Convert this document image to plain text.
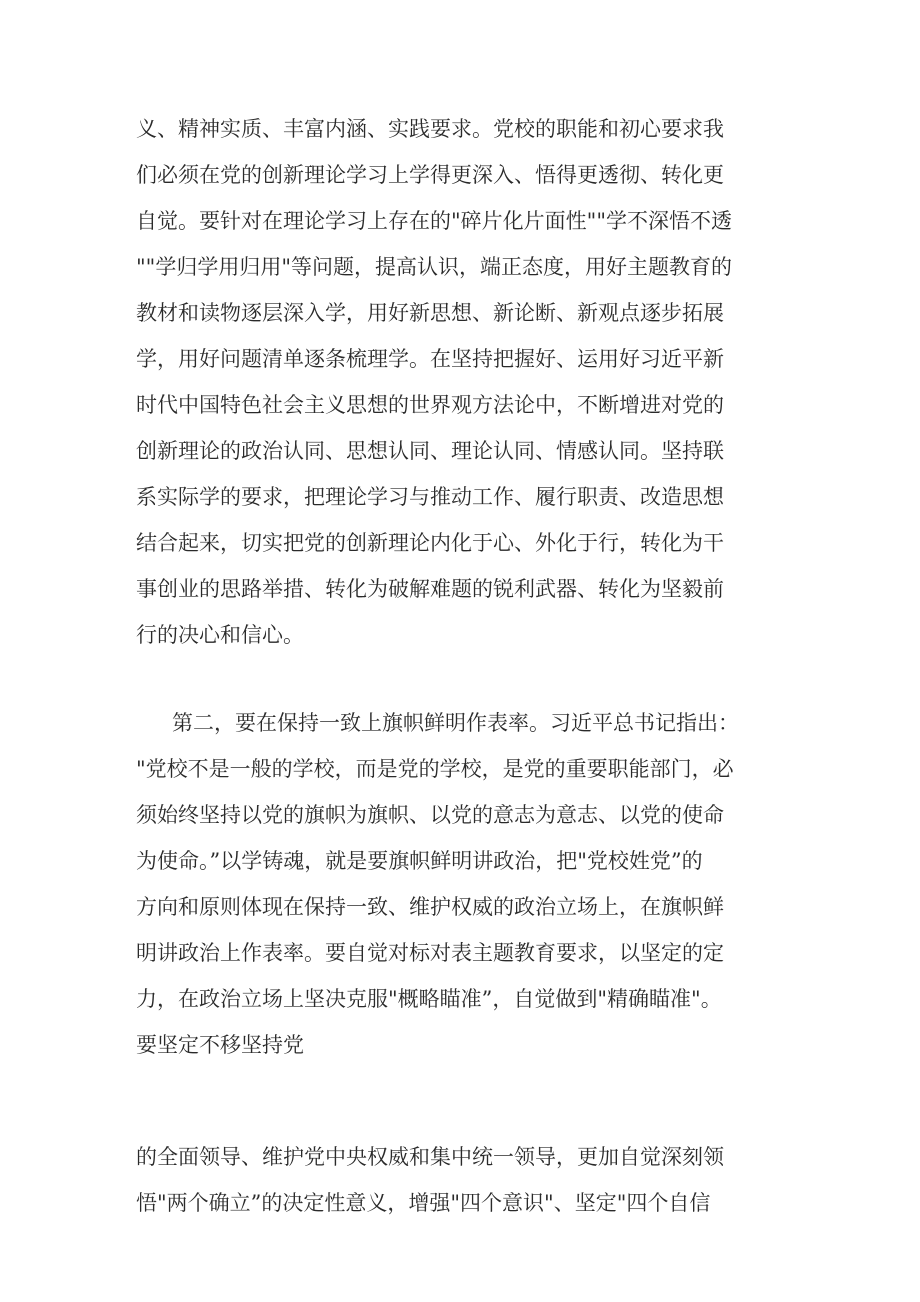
义、精神实质、丰富内涵、实践要求。党校的职能和初心要求我
们必须在党的创新理论学习上学得更深入、悟得更透彻、转化更
自觉。要针对在理论学习上存在的"碎片化片面性""学不深悟不透
""学归学用归用"等问题，提高认识，端正态度，用好主题教育的
教材和读物逐层深入学，用好新思想、新论断、新观点逐步拓展
学，用好问题清单逐条梳理学。在坚持把握好、运用好习近平新
时代中国特色社会主义思想的世界观方法论中，不断增进对党的
创新理论的政治认同、思想认同、理论认同、情感认同。坚持联
系实际学的要求，把理论学习与推动工作、履行职责、改造思想
结合起来，切实把党的创新理论内化于心、外化于行，转化为干
事创业的思路举措、转化为破解难题的锐利武器、转化为坚毅前
行的决心和信心。
第二，要在保持一致上旗帜鲜明作表率。习近平总书记指出：
"党校不是一般的学校，而是党的学校，是党的重要职能部门，必
须始终坚持以党的旗帜为旗帜、以党的意志为意志、以党的使命
为使命。”以学铸魂，就是要旗帜鲜明讲政治，把"党校姓党”的
方向和原则体现在保持一致、维护权威的政治立场上，在旗帜鲜
明讲政治上作表率。要自觉对标对表主题教育要求，以坚定的定
力，在政治立场上坚决克服"概略瞄准”，自觉做到"精确瞄准"。
要坚定不移坚持党
的全面领导、维护党中央权威和集中统一领导，更加自觉深刻领
悟"两个确立”的决定性意义，增强"四个意识"、坚定"四个自信
